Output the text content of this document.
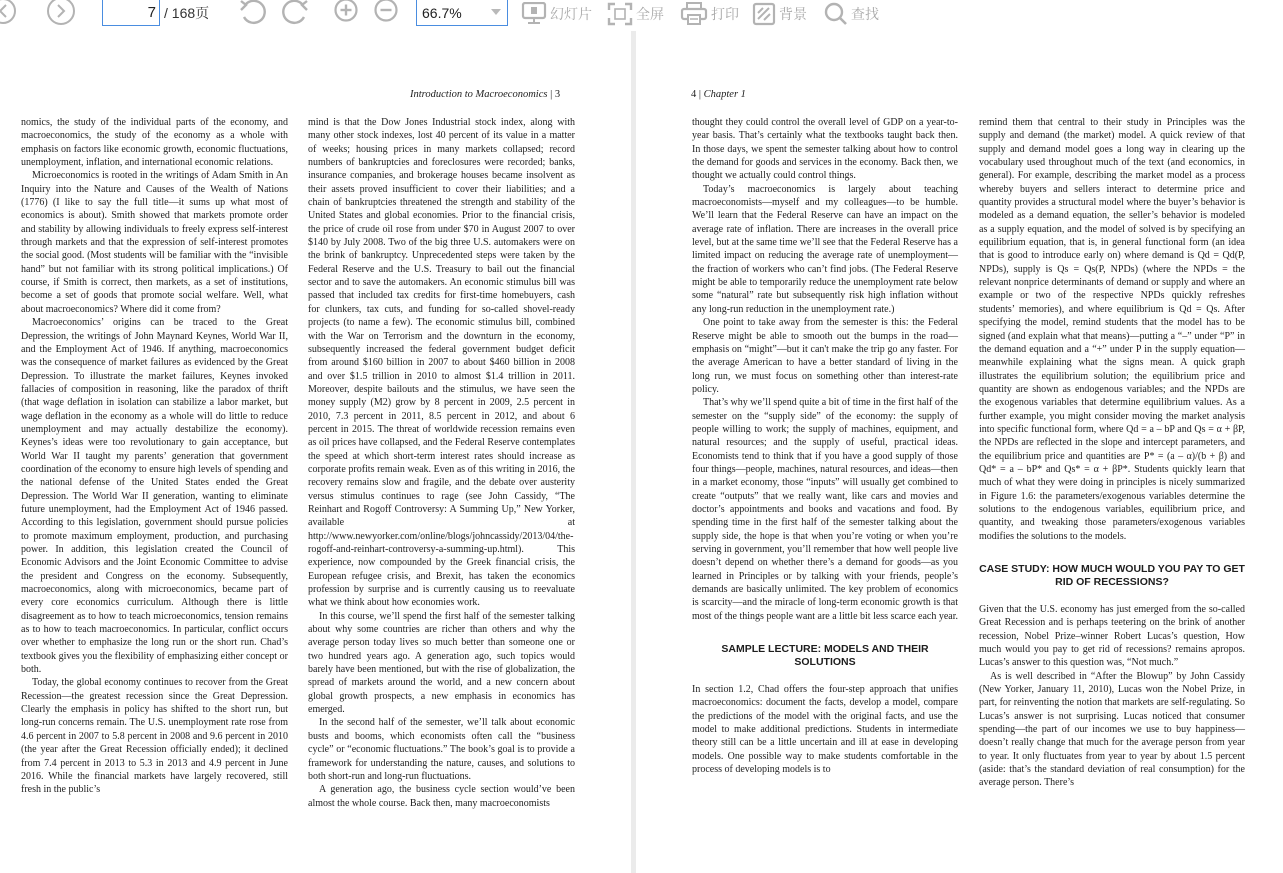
7 / 168页	66.7%	幻灯片	全屏	打印	背景	查找
Introduction to Macroeconomics | 3

nomics, the study of the individual parts of the economy, and macroeconomics, the study of the economy as a whole with emphasis on factors like economic growth, economic fluctuations, unemployment, inflation, and international economic relations.

Microeconomics is rooted in the writings of Adam Smith in An Inquiry into the Nature and Causes of the Wealth of Nations (1776) (I like to say the full title—it sums up what most of economics is about). Smith showed that markets promote order and stability by allowing individuals to freely express self-interest through markets and that the expression of self-interest promotes the social good. (Most students will be familiar with the “invisible hand” but not familiar with its strong political implications.) Of course, if Smith is correct, then markets, as a set of institutions, become a set of goods that promote social welfare. Well, what about macroeconomics? Where did it come from?

Macroeconomics’ origins can be traced to the Great Depression, the writings of John Maynard Keynes, World War II, and the Employment Act of 1946. If anything, macroeconomics was the consequence of market failures as evidenced by the Great Depression. To illustrate the market failures, Keynes invoked fallacies of composition in reasoning, like the paradox of thrift (that wage deflation in isolation can stabilize a labor market, but wage deflation in the economy as a whole will do little to reduce unemployment and may actually destabilize the economy). Keynes’s ideas were too revolutionary to gain acceptance, but World War II taught my parents’ generation that government coordination of the economy to ensure high levels of spending and the national defense of the United States ended the Great Depression. The World War II generation, wanting to eliminate future unemployment, had the Employment Act of 1946 passed. According to this legislation, government should pursue policies to promote maximum employment, production, and purchasing power. In addition, this legislation created the Council of Economic Advisors and the Joint Economic Committee to advise the president and Congress on the economy. Subsequently, macroeconomics, along with microeconomics, became part of every core economics curriculum. Although there is little disagreement as to how to teach microeconomics, tension remains as to how to teach macroeconomics. In particular, conflict occurs over whether to emphasize the long run or the short run. Chad’s textbook gives you the flexibility of emphasizing either concept or both.

Today, the global economy continues to recover from the Great Recession—the greatest recession since the Great Depression. Clearly the emphasis in policy has shifted to the short run, but long-run concerns remain. The U.S. unemployment rate rose from 4.6 percent in 2007 to 5.8 percent in 2008 and 9.6 percent in 2010 (the year after the Great Recession officially ended); it declined from 7.4 percent in 2013 to 5.3 in 2013 and 4.9 percent in June 2016. While the financial markets have largely recovered, still fresh in the public’s

mind is that the Dow Jones Industrial stock index, along with many other stock indexes, lost 40 percent of its value in a matter of weeks; housing prices in many markets collapsed; record numbers of bankruptcies and foreclosures were recorded; banks, insurance companies, and brokerage houses became insolvent as their assets proved insufficient to cover their liabilities; and a chain of bankruptcies threatened the strength and stability of the United States and global economies. Prior to the financial crisis, the price of crude oil rose from under $70 in August 2007 to over $140 by July 2008. Two of the big three U.S. automakers were on the brink of bankruptcy. Unprecedented steps were taken by the Federal Reserve and the U.S. Treasury to bail out the financial sector and to save the automakers. An economic stimulus bill was passed that included tax credits for first-time homebuyers, cash for clunkers, tax cuts, and funding for so-called shovel-ready projects (to name a few). The economic stimulus bill, combined with the War on Terrorism and the downturn in the economy, subsequently increased the federal government budget deficit from around $160 billion in 2007 to about $460 billion in 2008 and over $1.5 trillion in 2010 to almost $1.4 trillion in 2011. Moreover, despite bailouts and the stimulus, we have seen the money supply (M2) grow by 8 percent in 2009, 2.5 percent in 2010, 7.3 percent in 2011, 8.5 percent in 2012, and about 6 percent in 2015. The threat of worldwide recession remains even as oil prices have collapsed, and the Federal Reserve contemplates the speed at which short-term interest rates should increase as corporate profits remain weak. Even as of this writing in 2016, the recovery remains slow and fragile, and the debate over austerity versus stimulus continues to rage (see John Cassidy, “The Reinhart and Rogoff Controversy: A Summing Up,” New Yorker, available at http://www.newyorker.com/online/blogs/johncassidy/2013/04/the-rogoff-and-reinhart-controversy-a-summing-up.html). This experience, now compounded by the Greek financial crisis, the European refugee crisis, and Brexit, has taken the economics profession by surprise and is currently causing us to reevaluate what we think about how economies work.

In this course, we’ll spend the first half of the semester talking about why some countries are richer than others and why the average person today lives so much better than someone one or two hundred years ago. A generation ago, such topics would barely have been mentioned, but with the rise of globalization, the spread of markets around the world, and a new concern about global growth prospects, a new emphasis in economics has emerged.

In the second half of the semester, we’ll talk about economic busts and booms, which economists often call the “business cycle” or “economic fluctuations.” The book’s goal is to provide a framework for understanding the nature, causes, and solutions to both short-run and long-run fluctuations.

A generation ago, the business cycle section would’ve been almost the whole course. Back then, many macroeconomists

4 | Chapter 1

thought they could control the overall level of GDP on a year-to-year basis. That’s certainly what the textbooks taught back then. In those days, we spent the semester talking about how to control the demand for goods and services in the economy. Back then, we thought we actually could control things.

Today’s macroeconomics is largely about teaching macroeconomists—myself and my colleagues—to be humble. We’ll learn that the Federal Reserve can have an impact on the average rate of inflation. There are increases in the overall price level, but at the same time we’ll see that the Federal Reserve has a limited impact on reducing the average rate of unemployment—the fraction of workers who can’t find jobs. (The Federal Reserve might be able to temporarily reduce the unemployment rate below some “natural” rate but subsequently risk high inflation without any long-run reduction in the unemployment rate.)

One point to take away from the semester is this: the Federal Reserve might be able to smooth out the bumps in the road—emphasis on “might”—but it can't make the trip go any faster. For the average American to have a better standard of living in the long run, we must focus on something other than interest-rate policy.

That’s why we’ll spend quite a bit of time in the first half of the semester on the “supply side” of the economy: the supply of people willing to work; the supply of machines, equipment, and natural resources; and the supply of useful, practical ideas. Economists tend to think that if you have a good supply of those four things—people, machines, natural resources, and ideas—then in a market economy, those “inputs” will usually get combined to create “outputs” that we really want, like cars and movies and doctor’s appointments and books and vacations and food. By spending time in the first half of the semester talking about the supply side, the hope is that when you’re voting or when you’re serving in government, you’ll remember that how well people live doesn’t depend on whether there’s a demand for goods—as you learned in Principles or by talking with your friends, people’s demands are basically unlimited. The key problem of economics is scarcity—and the miracle of long-term economic growth is that most of the things people want are a little bit less scarce each year.

SAMPLE LECTURE: MODELS AND THEIR SOLUTIONS

In section 1.2, Chad offers the four-step approach that unifies macroeconomics: document the facts, develop a model, compare the predictions of the model with the original facts, and use the model to make additional predictions. Students in intermediate theory still can be a little uncertain and ill at ease in developing models. One possible way to make students comfortable in the process of developing models is to

remind them that central to their study in Principles was the supply and demand (the market) model. A quick review of that supply and demand model goes a long way in clearing up the vocabulary used throughout much of the text (and economics, in general). For example, describing the market model as a process whereby buyers and sellers interact to determine price and quantity provides a structural model where the buyer’s behavior is modeled as a demand equation, the seller’s behavior is modeled as a supply equation, and the model of solved is by specifying an equilibrium equation, that is, in general functional form (an idea that is good to introduce early on) where demand is Qd = Qd(P, NPDs), supply is Qs = Qs(P, NPDs) (where the NPDs = the relevant nonprice determinants of demand or supply and where an example or two of the respective NPDs quickly refreshes students’ memories), and where equilibrium is Qd = Qs. After specifying the model, remind students that the model has to be signed (and explain what that means)—putting a “–” under “P” in the demand equation and a “+” under P in the supply equation—meanwhile explaining what the signs mean. A quick graph illustrates the equilibrium solution; the equilibrium price and quantity are shown as endogenous variables; and the NPDs are the exogenous variables that determine equilibrium values. As a further example, you might consider moving the market analysis into specific functional form, where Qd = a – bP and Qs = α + βP, the NPDs are reflected in the slope and intercept parameters, and the equilibrium price and quantities are P* = (a – α)/(b + β) and Qd* = a – bP* and Qs* = α + βP*. Students quickly learn that much of what they were doing in principles is nicely summarized in Figure 1.6: the parameters/exogenous variables determine the solutions to the endogenous variables, equilibrium price, and quantity, and tweaking those parameters/exogenous variables modifies the solutions to the models.

CASE STUDY: HOW MUCH WOULD YOU PAY TO GET RID OF RECESSIONS?

Given that the U.S. economy has just emerged from the so-called Great Recession and is perhaps teetering on the brink of another recession, Nobel Prize–winner Robert Lucas’s question, How much would you pay to get rid of recessions? remains apropos. Lucas’s answer to this question was, “Not much.”

As is well described in “After the Blowup” by John Cassidy (New Yorker, January 11, 2010), Lucas won the Nobel Prize, in part, for reinventing the notion that markets are self-regulating. So Lucas’s answer is not surprising. Lucas noticed that consumer spending—the part of our incomes we use to buy happiness—doesn’t really change that much for the average person from year to year. It only fluctuates from year to year by about 1.5 percent (aside: that’s the standard deviation of real consumption) for the average person. There’s
